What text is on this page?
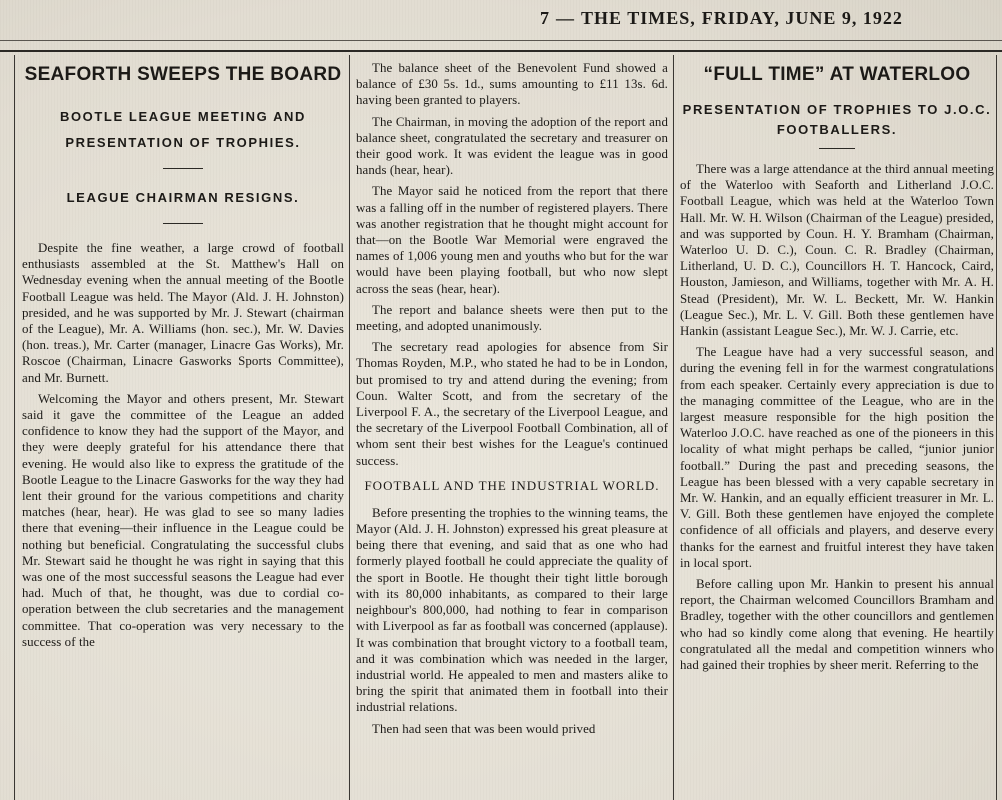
7 — THE TIMES, FRIDAY, JUNE 9, 1922
SEAFORTH SWEEPS THE BOARD
BOOTLE LEAGUE MEETING AND PRESENTATION OF TROPHIES.
LEAGUE CHAIRMAN RESIGNS.

Despite the fine weather, a large crowd of football enthusiasts assembled at the St. Matthew's Hall on Wednesday evening when the annual meeting of the Bootle Football League was held. The Mayor (Ald. J. H. Johnston) presided, and he was supported by Mr. J. Stewart (chairman of the League), Mr. A. Williams (hon. sec.), Mr. W. Davies (hon. treas.), Mr. Carter (manager, Linacre Gas Works), Mr. Roscoe (Chairman, Linacre Gasworks Sports Committee), and Mr. Burnett.

Welcoming the Mayor and others present, Mr. Stewart said it gave the committee of the League an added confidence to know they had the support of the Mayor, and they were deeply grateful for his attendance there that evening. He would also like to express the gratitude of the Bootle League to the Linacre Gasworks for the way they had lent their ground for the various competitions and charity matches (hear, hear). He was glad to see so many ladies there that evening—their influence in the League could be nothing but beneficial. Congratulating the successful clubs Mr. Stewart said he thought he was right in saying that this was one of the most successful seasons the League had ever had. Much of that, he thought, was due to cordial co-operation between the club secretaries and the management committee. That co-operation was very necessary to the success of the

The balance sheet of the Benevolent Fund showed a balance of £30 5s. 1d., sums amounting to £11 13s. 6d. having been granted to players.

The Chairman, in moving the adoption of the report and balance sheet, congratulated the secretary and treasurer on their good work. It was evident the league was in good hands (hear, hear).

The Mayor said he noticed from the report that there was a falling off in the number of registered players. There was another registration that he thought might account for that—on the Bootle War Memorial were engraved the names of 1,006 young men and youths who but for the war would have been playing football, but who now slept across the seas (hear, hear).

The report and balance sheets were then put to the meeting, and adopted unanimously.

The secretary read apologies for absence from Sir Thomas Royden, M.P., who stated he had to be in London, but promised to try and attend during the evening; from Coun. Walter Scott, and from the secretary of the Liverpool F. A., the secretary of the Liverpool League, and the secretary of the Liverpool Football Combination, all of whom sent their best wishes for the League's continued success.

FOOTBALL AND THE INDUSTRIAL WORLD.

Before presenting the trophies to the winning teams, the Mayor (Ald. J. H. Johnston) expressed his great pleasure at being there that evening, and said that as one who had formerly played football he could appreciate the quality of the sport in Bootle. He thought their tight little borough with its 80,000 inhabitants, as compared to their large neighbour's 800,000, had nothing to fear in comparison with Liverpool as far as football was concerned (applause). It was combination that brought victory to a football team, and it was combination which was needed in the larger, industrial world. He appealed to men and masters alike to bring the spirit that animated them in football into their industrial relations.

Then had seen that was been would prived

“FULL TIME” AT WATERLOO
PRESENTATION OF TROPHIES TO J.O.C. FOOTBALLERS.

There was a large attendance at the third annual meeting of the Waterloo with Seaforth and Litherland J.O.C. Football League, which was held at the Waterloo Town Hall. Mr. W. H. Wilson (Chairman of the League) presided, and was supported by Coun. H. Y. Bramham (Chairman, Waterloo U. D. C.), Coun. C. R. Bradley (Chairman, Litherland, U. D. C.), Councillors H. T. Hancock, Caird, Houston, Jamieson, and Williams, together with Mr. A. H. Stead (President), Mr. W. L. Beckett, Mr. W. Hankin (League Sec.), Mr. L. V. Gill. Both these gentlemen have Hankin (assistant League Sec.), Mr. W. J. Carrie, etc.

The League have had a very successful season, and during the evening fell in for the warmest congratulations from each speaker. Certainly every appreciation is due to the managing committee of the League, who are in the largest measure responsible for the high position the Waterloo J.O.C. have reached as one of the pioneers in this locality of what might perhaps be called, “junior junior football.” During the past and preceding seasons, the League has been blessed with a very capable secretary in Mr. W. Hankin, and an equally efficient treasurer in Mr. L. V. Gill. Both these gentlemen have enjoyed the complete confidence of all officials and players, and deserve every thanks for the earnest and fruitful interest they have taken in local sport.

Before calling upon Mr. Hankin to present his annual report, the Chairman welcomed Councillors Bramham and Bradley, together with the other councillors and gentlemen who had so kindly come along that evening. He heartily congratulated all the medal and competition winners who had gained their trophies by sheer merit. Referring to the
